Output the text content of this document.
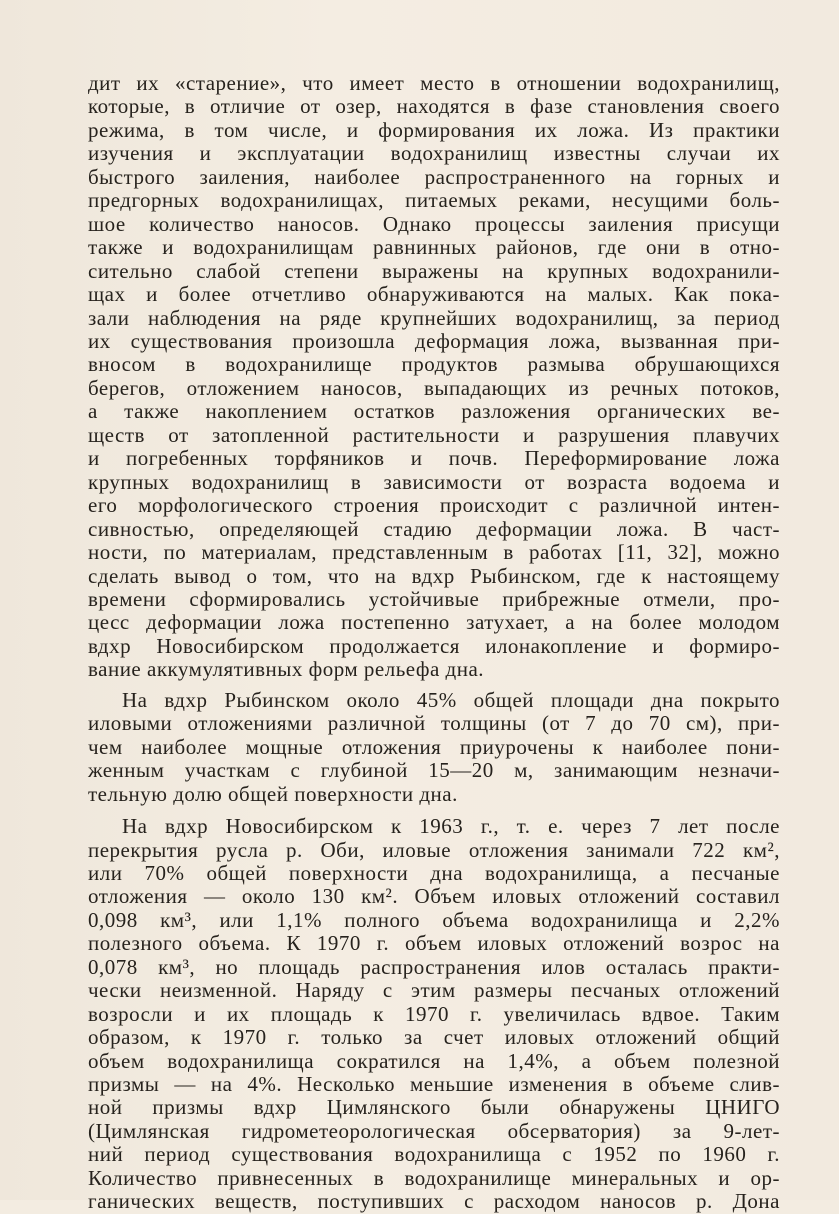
дит их «старение», что имеет место в отношении водохранилищ,
которые, в отличие от озер, находятся в фазе становления своего
режима, в том числе, и формирования их ложа. Из практики
изучения и эксплуатации водохранилищ известны случаи их
быстрого заиления, наиболее распространенного на горных и
предгорных водохранилищах, питаемых реками, несущими боль-
шое количество наносов. Однако процессы заиления присущи
также и водохранилищам равнинных районов, где они в отно-
сительно слабой степени выражены на крупных водохранили-
щах и более отчетливо обнаруживаются на малых. Как пока-
зали наблюдения на ряде крупнейших водохранилищ, за период
их существования произошла деформация ложа, вызванная при-
вносом в водохранилище продуктов размыва обрушающихся
берегов, отложением наносов, выпадающих из речных потоков,
а также накоплением остатков разложения органических ве-
ществ от затопленной растительности и разрушения плавучих
и погребенных торфяников и почв. Переформирование ложа
крупных водохранилищ в зависимости от возраста водоема и
его морфологического строения происходит с различной интен-
сивностью, определяющей стадию деформации ложа. В част-
ности, по материалам, представленным в работах [11, 32], можно
сделать вывод о том, что на вдхр Рыбинском, где к настоящему
времени сформировались устойчивые прибрежные отмели, про-
цесс деформации ложа постепенно затухает, а на более молодом
вдхр Новосибирском продолжается илонакопление и формиро-
вание аккумулятивных форм рельефа дна.

На вдхр Рыбинском около 45% общей площади дна покрыто
иловыми отложениями различной толщины (от 7 до 70 см), при-
чем наиболее мощные отложения приурочены к наиболее пони-
женным участкам с глубиной 15—20 м, занимающим незначи-
тельную долю общей поверхности дна.

На вдхр Новосибирском к 1963 г., т. е. через 7 лет после
перекрытия русла р. Оби, иловые отложения занимали 722 км²,
или 70% общей поверхности дна водохранилища, а песчаные
отложения — около 130 км². Объем иловых отложений составил
0,098 км³, или 1,1% полного объема водохранилища и 2,2%
полезного объема. К 1970 г. объем иловых отложений возрос на
0,078 км³, но площадь распространения илов осталась практи-
чески неизменной. Наряду с этим размеры песчаных отложений
возросли и их площадь к 1970 г. увеличилась вдвое. Таким
образом, к 1970 г. только за счет иловых отложений общий
объем водохранилища сократился на 1,4%, а объем полезной
призмы — на 4%. Несколько меньшие изменения в объеме слив-
ной призмы вдхр Цимлянского были обнаружены ЦНИГО
(Цимлянская гидрометеорологическая обсерватория) за 9-лет-
ний период существования водохранилища с 1952 по 1960 г.
Количество привнесенных в водохранилище минеральных и ор-
ганических веществ, поступивших с расходом наносов р. Дона
